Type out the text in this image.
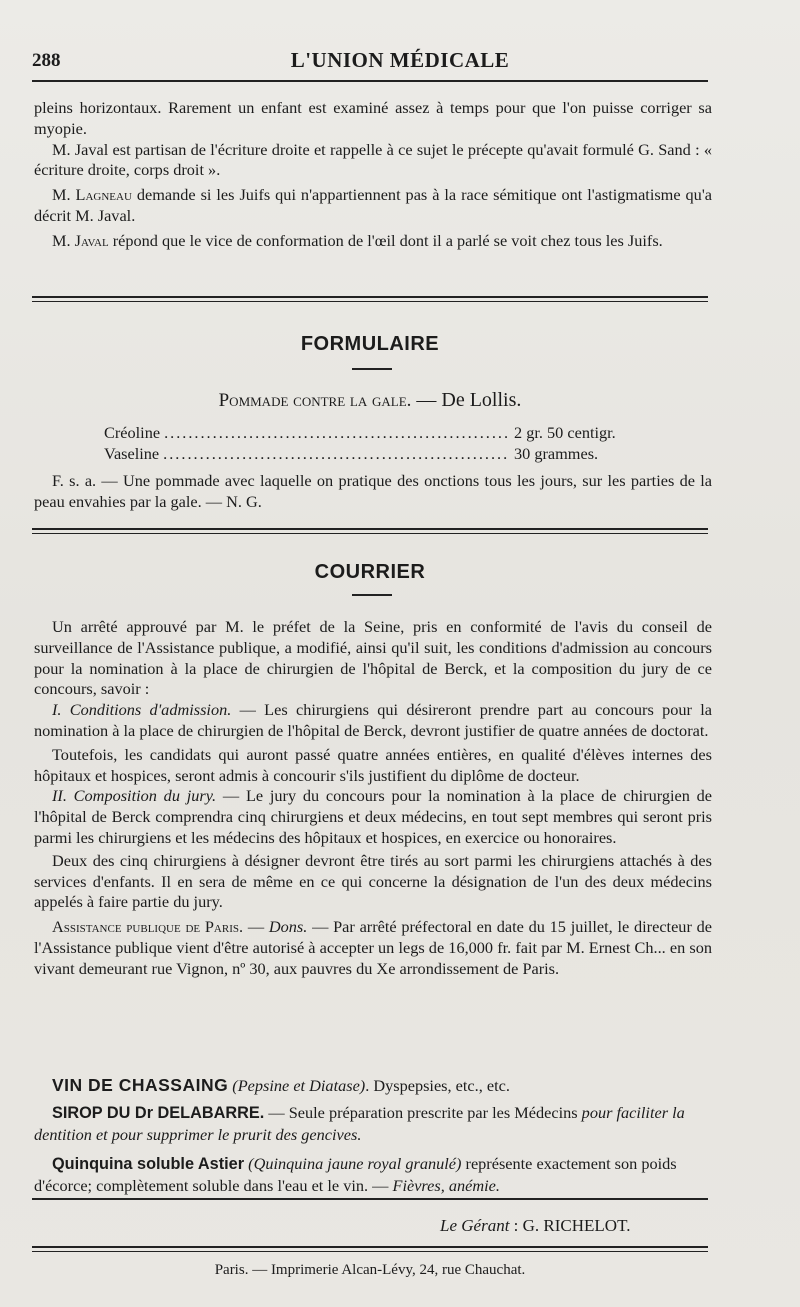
288	L'UNION MÉDICALE

pleins horizontaux. Rarement un enfant est examiné assez à temps pour que l'on puisse corriger sa myopie.

M. Javal est partisan de l'écriture droite et rappelle à ce sujet le précepte qu'avait formulé G. Sand : « écriture droite, corps droit ».

M. Lagneau demande si les Juifs qui n'appartiennent pas à la race sémitique ont l'astigmatisme qu'a décrit M. Javal.

M. Javal répond que le vice de conformation de l'œil dont il a parlé se voit chez tous les Juifs.

FORMULAIRE
Pommade contre la gale. — De Lollis.
Créoline .....	2 gr. 50 centigr.
Vaseline .....	30 grammes.
F. s. a. — Une pommade avec laquelle on pratique des onctions tous les jours, sur les parties de la peau envahies par la gale. — N. G.
COURRIER

Un arrêté approuvé par M. le préfet de la Seine, pris en conformité de l'avis du conseil de surveillance de l'Assistance publique, a modifié, ainsi qu'il suit, les conditions d'admission au concours pour la nomination à la place de chirurgien de l'hôpital de Berck, et la composition du jury de ce concours, savoir :

I. Conditions d'admission. — Les chirurgiens qui désireront prendre part au concours pour la nomination à la place de chirurgien de l'hôpital de Berck, devront justifier de quatre années de doctorat.

Toutefois, les candidats qui auront passé quatre années entières, en qualité d'élèves internes des hôpitaux et hospices, seront admis à concourir s'ils justifient du diplôme de docteur.

II. Composition du jury. — Le jury du concours pour la nomination à la place de chirurgien de l'hôpital de Berck comprendra cinq chirurgiens et deux médecins, en tout sept membres qui seront pris parmi les chirurgiens et les médecins des hôpitaux et hospices, en exercice ou honoraires.

Deux des cinq chirurgiens à désigner devront être tirés au sort parmi les chirurgiens attachés à des services d'enfants. Il en sera de même en ce qui concerne la désignation de l'un des deux médecins appelés à faire partie du jury.

Assistance publique de Paris. — Dons. — Par arrêté préfectoral en date du 15 juillet, le directeur de l'Assistance publique vient d'être autorisé à accepter un legs de 16,000 fr. fait par M. Ernest Ch... en son vivant demeurant rue Vignon, nº 30, aux pauvres du Xe arrondissement de Paris.

VIN DE CHASSAING (Pepsine et Diatase). Dyspepsies, etc., etc.

SIROP DU Dr DELABARRE. — Seule préparation prescrite par les Médecins pour faciliter la dentition et pour supprimer le prurit des gencives.

Quinquina soluble Astier (Quinquina jaune royal granulé) représente exactement son poids d'écorce; complètement soluble dans l'eau et le vin. — Fièvres, anémie.

Le Gérant : G. RICHELOT.
Paris. — Imprimerie Alcan-Lévy, 24, rue Chauchat.
